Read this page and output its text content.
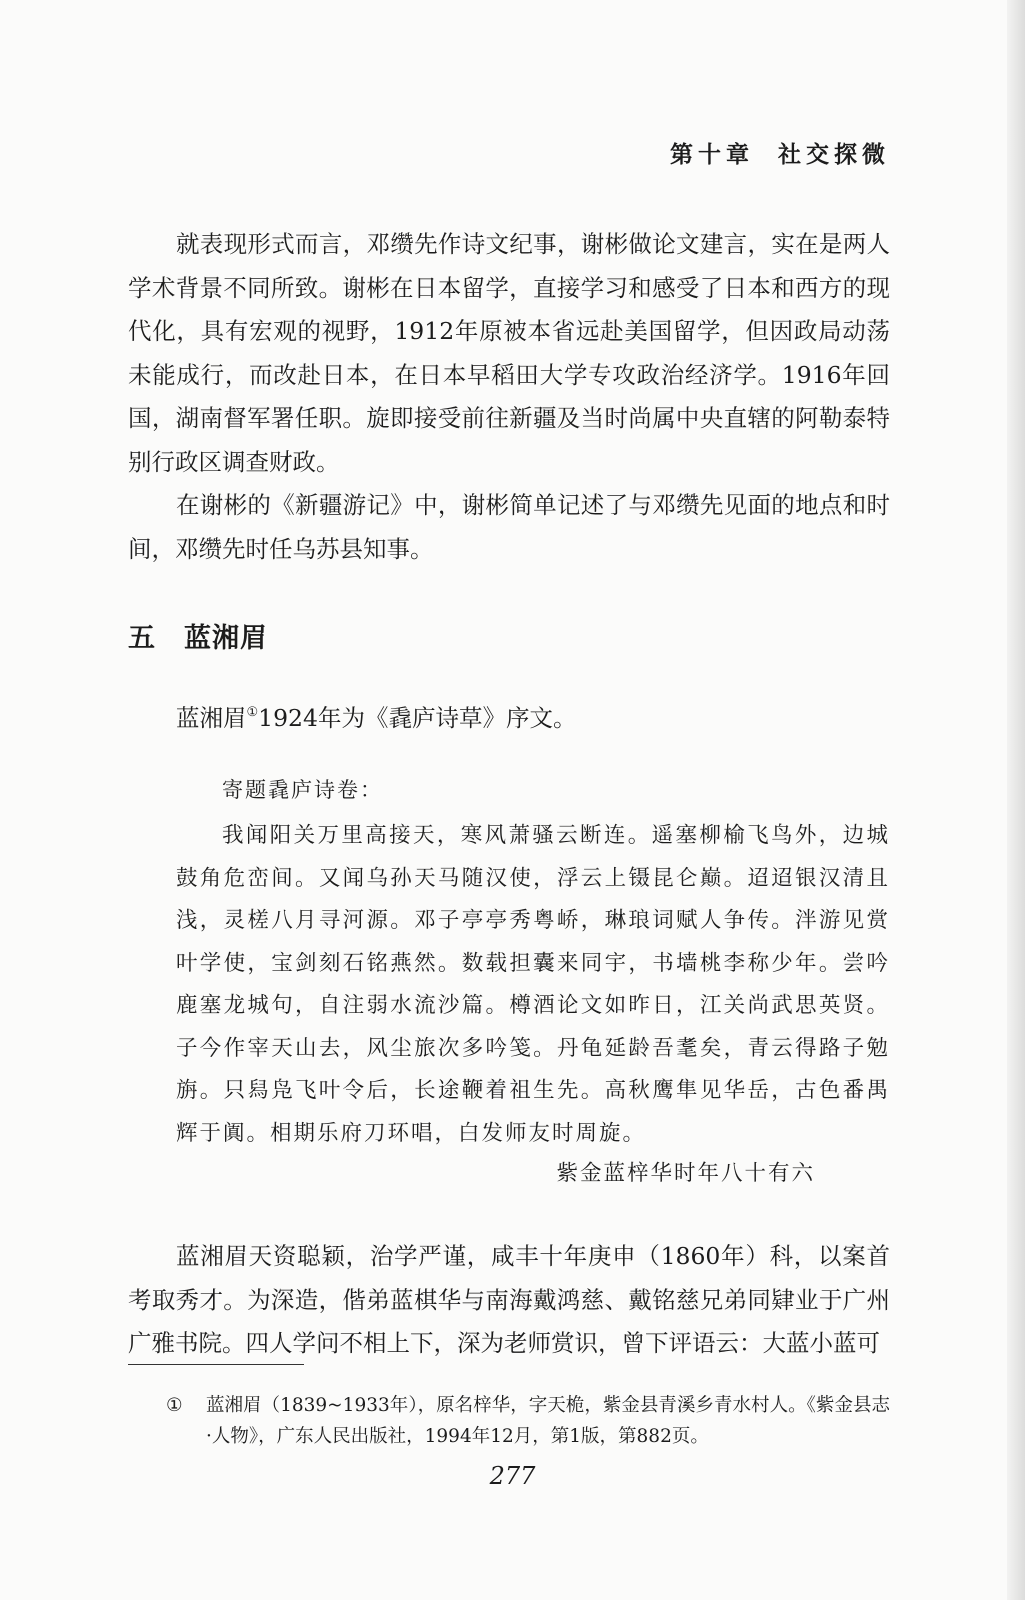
第十章 社交探微

就表现形式而言，邓缵先作诗文纪事，谢彬做论文建言，实在是两人学术背景不同所致。谢彬在日本留学，直接学习和感受了日本和西方的现代化，具有宏观的视野，1912年原被本省远赴美国留学，但因政局动荡未能成行，而改赴日本，在日本早稻田大学专攻政治经济学。1916年回国，湖南督军署任职。旋即接受前往新疆及当时尚属中央直辖的阿勒泰特别行政区调查财政。

在谢彬的《新疆游记》中，谢彬简单记述了与邓缵先见面的地点和时间，邓缵先时任乌苏县知事。

五 蓝湘眉
蓝湘眉①1924年为《毳庐诗草》序文。
寄题毳庐诗卷：

我闻阳关万里高接天，寒风萧骚云断连。遥塞柳榆飞鸟外，边城鼓角危峦间。又闻乌孙天马随汉使，浮云上镊昆仑巅。迢迢银汉清且浅，灵槎八月寻河源。邓子亭亭秀粤峤，琳琅词赋人争传。泮游见赏叶学使，宝剑刻石铭燕然。数载担囊来同宇，书墙桃李称少年。尝吟鹿塞龙城句，自注弱水流沙篇。樽酒论文如昨日，江关尚武思英贤。子今作宰天山去，风尘旅次多吟笺。丹龟延龄吾耄矣，青云得路子勉旃。只舄凫飞叶令后，长途鞭着祖生先。高秋鹰隼见华岳，古色番禺辉于阗。相期乐府刀环唱，白发师友时周旋。

紫金蓝梓华时年八十有六

蓝湘眉天资聪颖，治学严谨，咸丰十年庚申（1860年）科，以案首考取秀才。为深造，偕弟蓝棋华与南海戴鸿慈、戴铭慈兄弟同肄业于广州广雅书院。四人学问不相上下，深为老师赏识，曾下评语云：大蓝小蓝可

① 蓝湘眉（1839~1933年），原名梓华，字天桅，紫金县青溪乡青水村人。《紫金县志·人物》，广东人民出版社，1994年12月，第1版，第882页。
277
